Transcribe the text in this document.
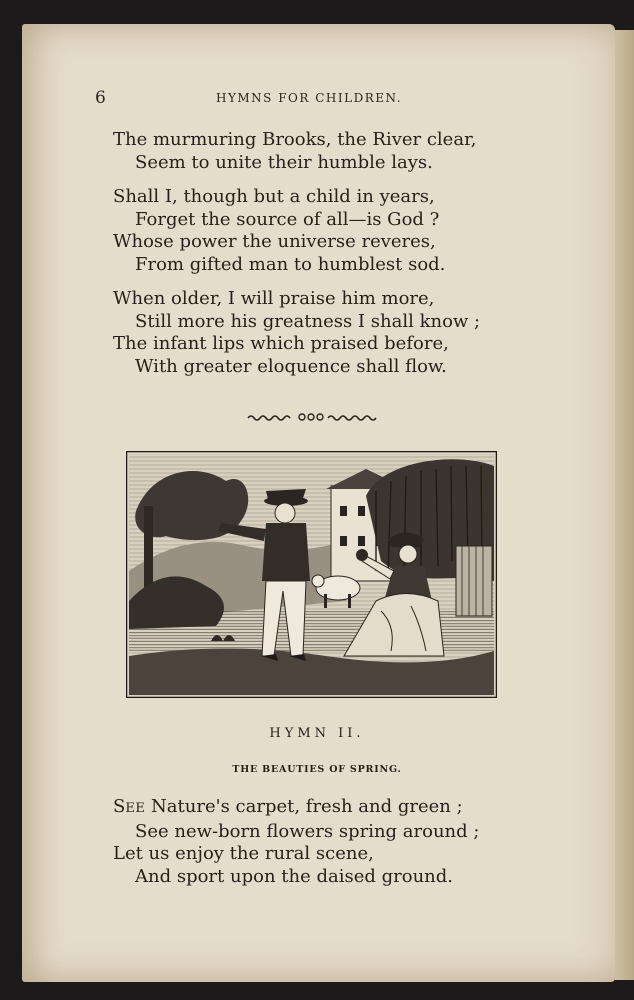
6	HYMNS FOR CHILDREN.
The murmuring Brooks, the River clear,
Seem to unite their humble lays.
Shall I, though but a child in years,
Forget the source of all—is God ?
Whose power the universe reveres,
From gifted man to humblest sod.
When older, I will praise him more,
Still more his greatness I shall know ;
The infant lips which praised before,
With greater eloquence shall flow.
HYMN II.
THE BEAUTIES OF SPRING.
SEE Nature's carpet, fresh and green ;
See new-born flowers spring around ;
Let us enjoy the rural scene,
And sport upon the daised ground.
